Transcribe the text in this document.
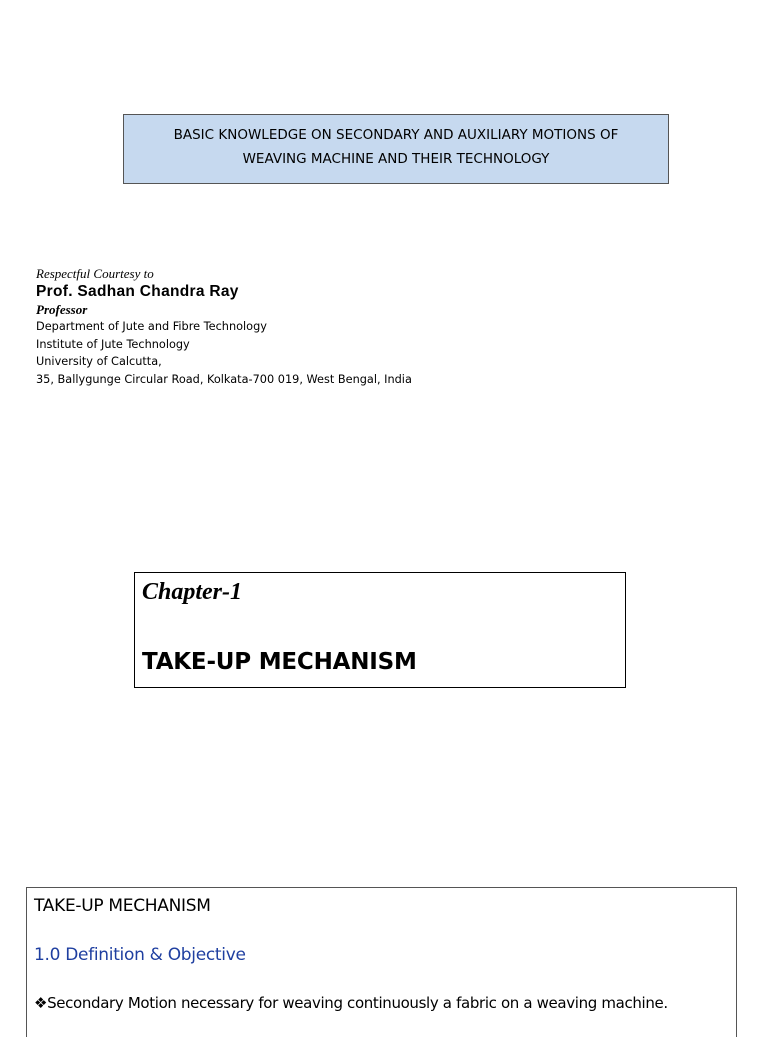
BASIC KNOWLEDGE ON SECONDARY AND AUXILIARY MOTIONS OF
WEAVING MACHINE AND THEIR TECHNOLOGY
Respectful Courtesy to
Prof. Sadhan Chandra Ray
Professor
Department of Jute and Fibre Technology
Institute of Jute Technology
University of Calcutta,
35, Ballygunge Circular Road, Kolkata-700 019, West Bengal, India
Chapter-1
TAKE-UP MECHANISM
TAKE-UP MECHANISM
1.0 Definition & Objective
❖Secondary Motion necessary for weaving continuously a fabric on a weaving machine.
